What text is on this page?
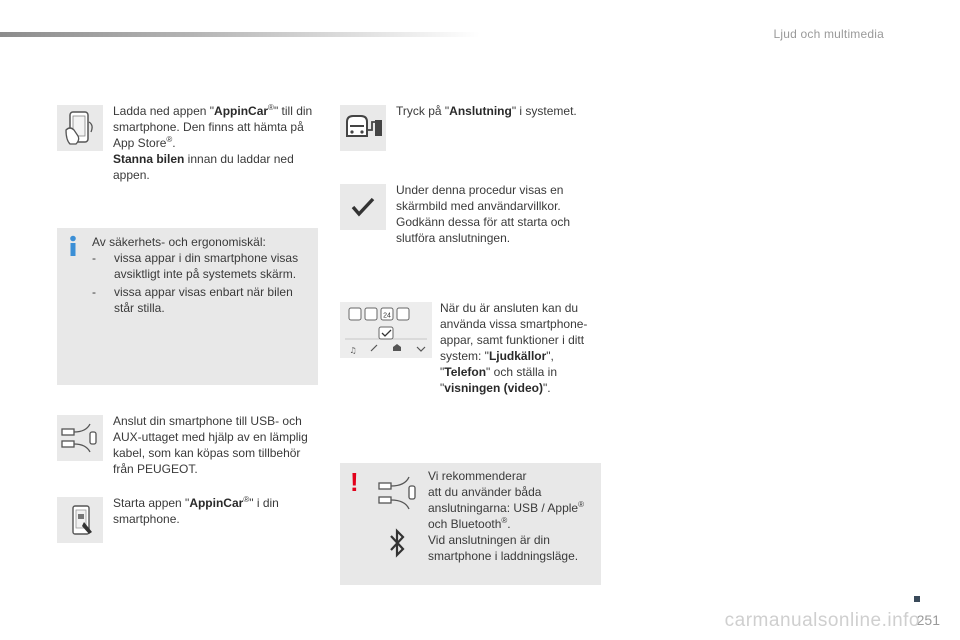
Ljud och multimedia
Ladda ned appen "AppinCar®" till din smartphone. Den finns att hämta på App Store®.
Stanna bilen innan du laddar ned appen.
Av säkerhets- och ergonomiskäl:
- vissa appar i din smartphone visas avsiktligt inte på systemets skärm.
- vissa appar visas enbart när bilen står stilla.
Anslut din smartphone till USB- och AUX-uttaget med hjälp av en lämplig kabel, som kan köpas som tillbehör från PEUGEOT.
Starta appen "AppinCar®" i din smartphone.
Tryck på "Anslutning" i systemet.
Under denna procedur visas en skärmbild med användarvillkor. Godkänn dessa för att starta och slutföra anslutningen.
24
♫
När du är ansluten kan du använda vissa smartphone-appar, samt funktioner i ditt system: "Ljudkällor", "Telefon" och ställa in "visningen (video)".
!	Vi rekommenderar
att du använder båda
anslutningarna: USB / Apple®
och Bluetooth®.
Vid anslutningen är din smartphone i laddningsläge.
251
carmanualsonline.info
